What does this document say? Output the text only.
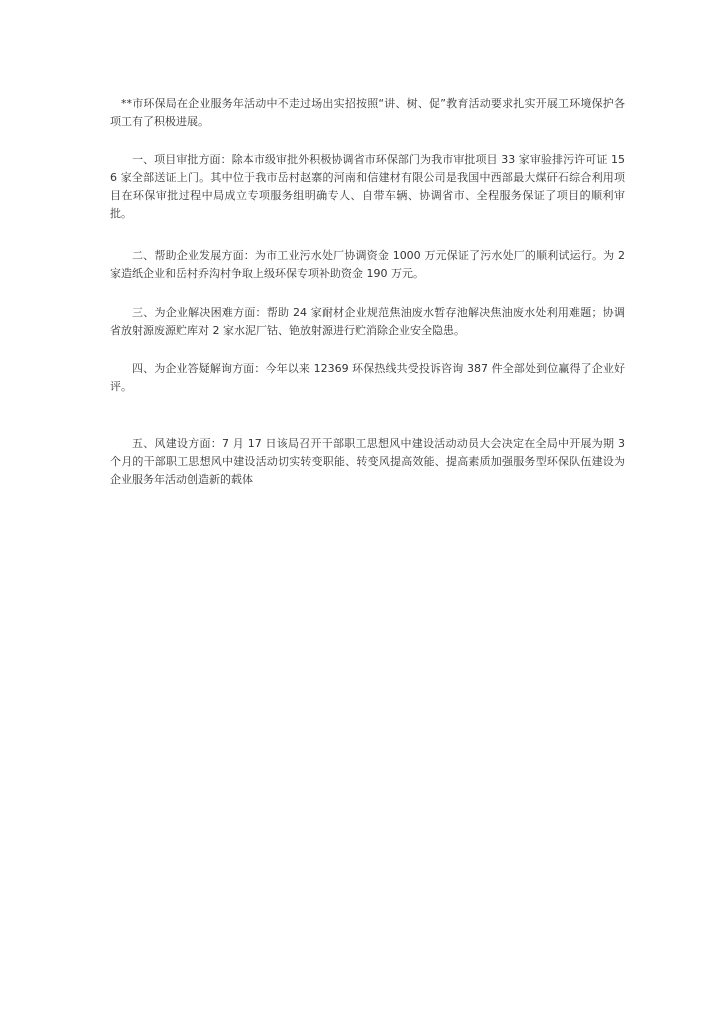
**市环保局在企业服务年活动中不走过场出实招按照“讲、树、促”教育活动要求扎实开展工环境保护各项工有了积极进展。

一、项目审批方面：除本市级审批外积极协调省市环保部门为我市审批项目 33 家审验排污许可证 156 家全部送证上门。其中位于我市岳村赵寨的河南和信建材有限公司是我国中西部最大煤矸石综合利用项目在环保审批过程中局成立专项服务组明确专人、自带车辆、协调省市、全程服务保证了项目的顺利审批。

二、帮助企业发展方面：为市工业污水处厂协调资金 1000 万元保证了污水处厂的顺利试运行。为 2 家造纸企业和岳村乔沟村争取上级环保专项补助资金 190 万元。

三、为企业解决困难方面：帮助 24 家耐材企业规范焦油废水暂存池解决焦油废水处利用难题；协调省放射源废源贮库对 2 家水泥厂钴、铯放射源进行贮消除企业安全隐患。

四、为企业答疑解询方面：今年以来 12369 环保热线共受投诉咨询 387 件全部处到位赢得了企业好评。

五、风建设方面：7 月 17 日该局召开干部职工思想风中建设活动动员大会决定在全局中开展为期 3 个月的干部职工思想风中建设活动切实转变职能、转变风提高效能、提高素质加强服务型环保队伍建设为企业服务年活动创造新的载体
